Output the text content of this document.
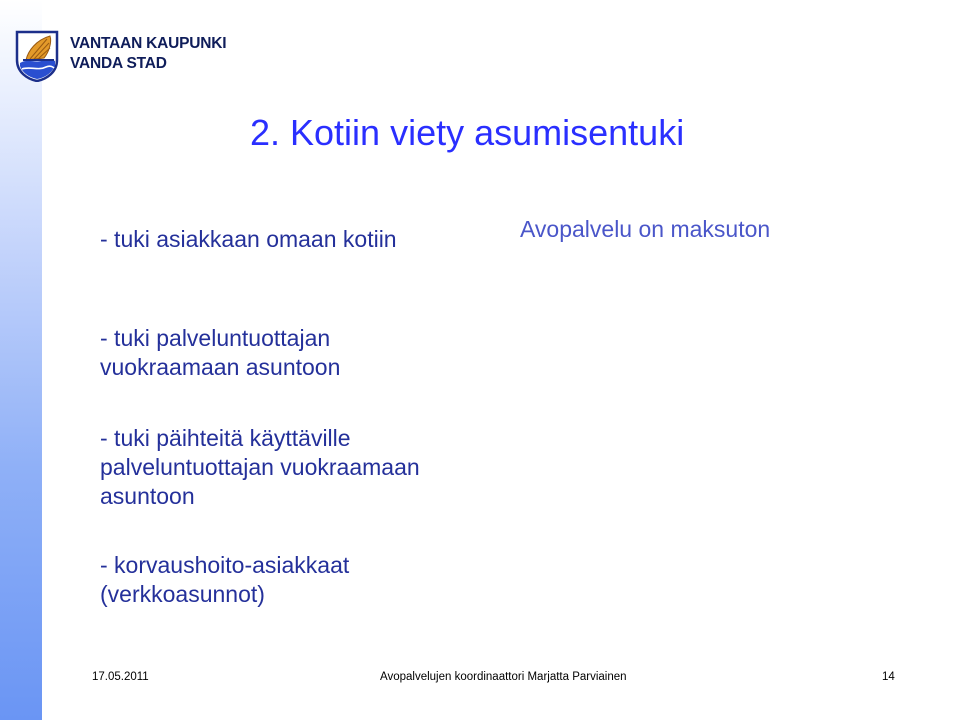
VANTAAN KAUPUNKI
VANDA STAD
2. Kotiin viety asumisentuki

- tuki asiakkaan omaan kotiin

- tuki palveluntuottajan vuokraamaan asuntoon

- tuki päihteitä käyttäville palveluntuottajan vuokraamaan asuntoon

- korvaushoito-asiakkaat (verkkoasunnot)

Avopalvelu on maksuton
17.05.2011	Avopalvelujen koordinaattori Marjatta Parviainen	14
